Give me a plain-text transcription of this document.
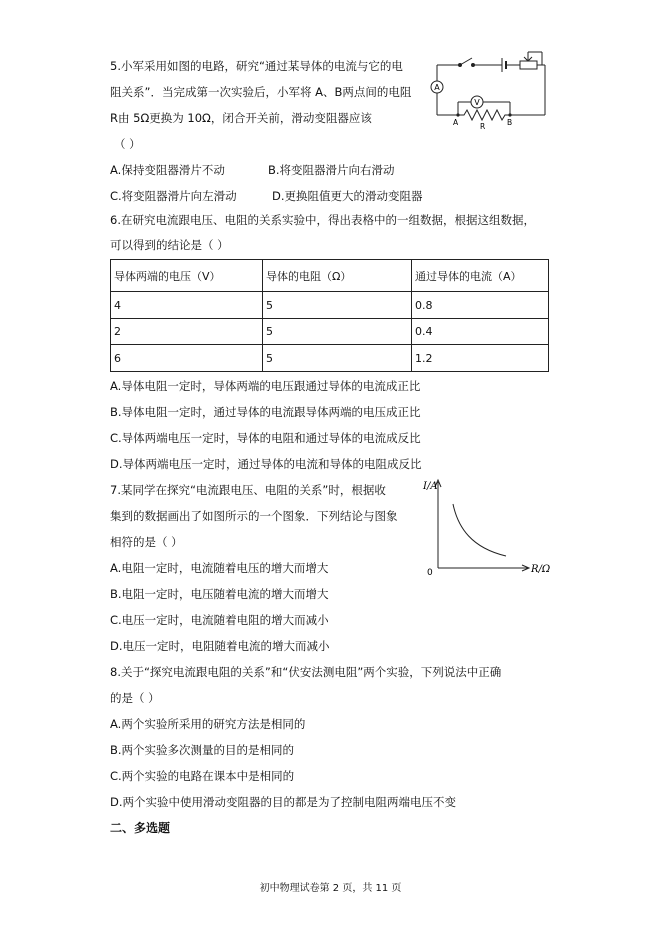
5.小军采用如图的电路，研究“通过某导体的电流与它的电
阻关系”．当完成第一次实验后，小军将 A、B两点间的电阻
R由 5Ω更换为 10Ω，闭合开关前，滑动变阻器应该
（ ）
A.保持变阻器滑片不动	B.将变阻器滑片向右滑动
C.将变阻器滑片向左滑动	D.更换阻值更大的滑动变阻器
A
V
A	R	B
6.在研究电流跟电压、电阻的关系实验中，得出表格中的一组数据，根据这组数据，
可以得到的结论是（ ）
导体两端的电压（V）	导体的电阻（Ω）	通过导体的电流（A）
4	5	0.8
2	5	0.4
6	5	1.2
A.导体电阻一定时，导体两端的电压跟通过导体的电流成正比
B.导体电阻一定时，通过导体的电流跟导体两端的电压成正比
C.导体两端电压一定时，导体的电阻和通过导体的电流成反比
D.导体两端电压一定时，通过导体的电流和导体的电阻成反比
7.某同学在探究“电流跟电压、电阻的关系”时，根据收
集到的数据画出了如图所示的一个图象．下列结论与图象
相符的是（ ）
A.电阻一定时，电流随着电压的增大而增大
B.电阻一定时，电压随着电流的增大而增大
C.电压一定时，电流随着电阻的增大而减小
D.电压一定时，电阻随着电流的增大而减小
I/A
R/Ω
0
8.关于“探究电流跟电阻的关系”和“伏安法测电阻”两个实验，下列说法中正确
的是（ ）
A.两个实验所采用的研究方法是相同的
B.两个实验多次测量的目的是相同的
C.两个实验的电路在课本中是相同的
D.两个实验中使用滑动变阻器的目的都是为了控制电阻两端电压不变
二、多选题
初中物理试卷第 2 页，共 11 页
